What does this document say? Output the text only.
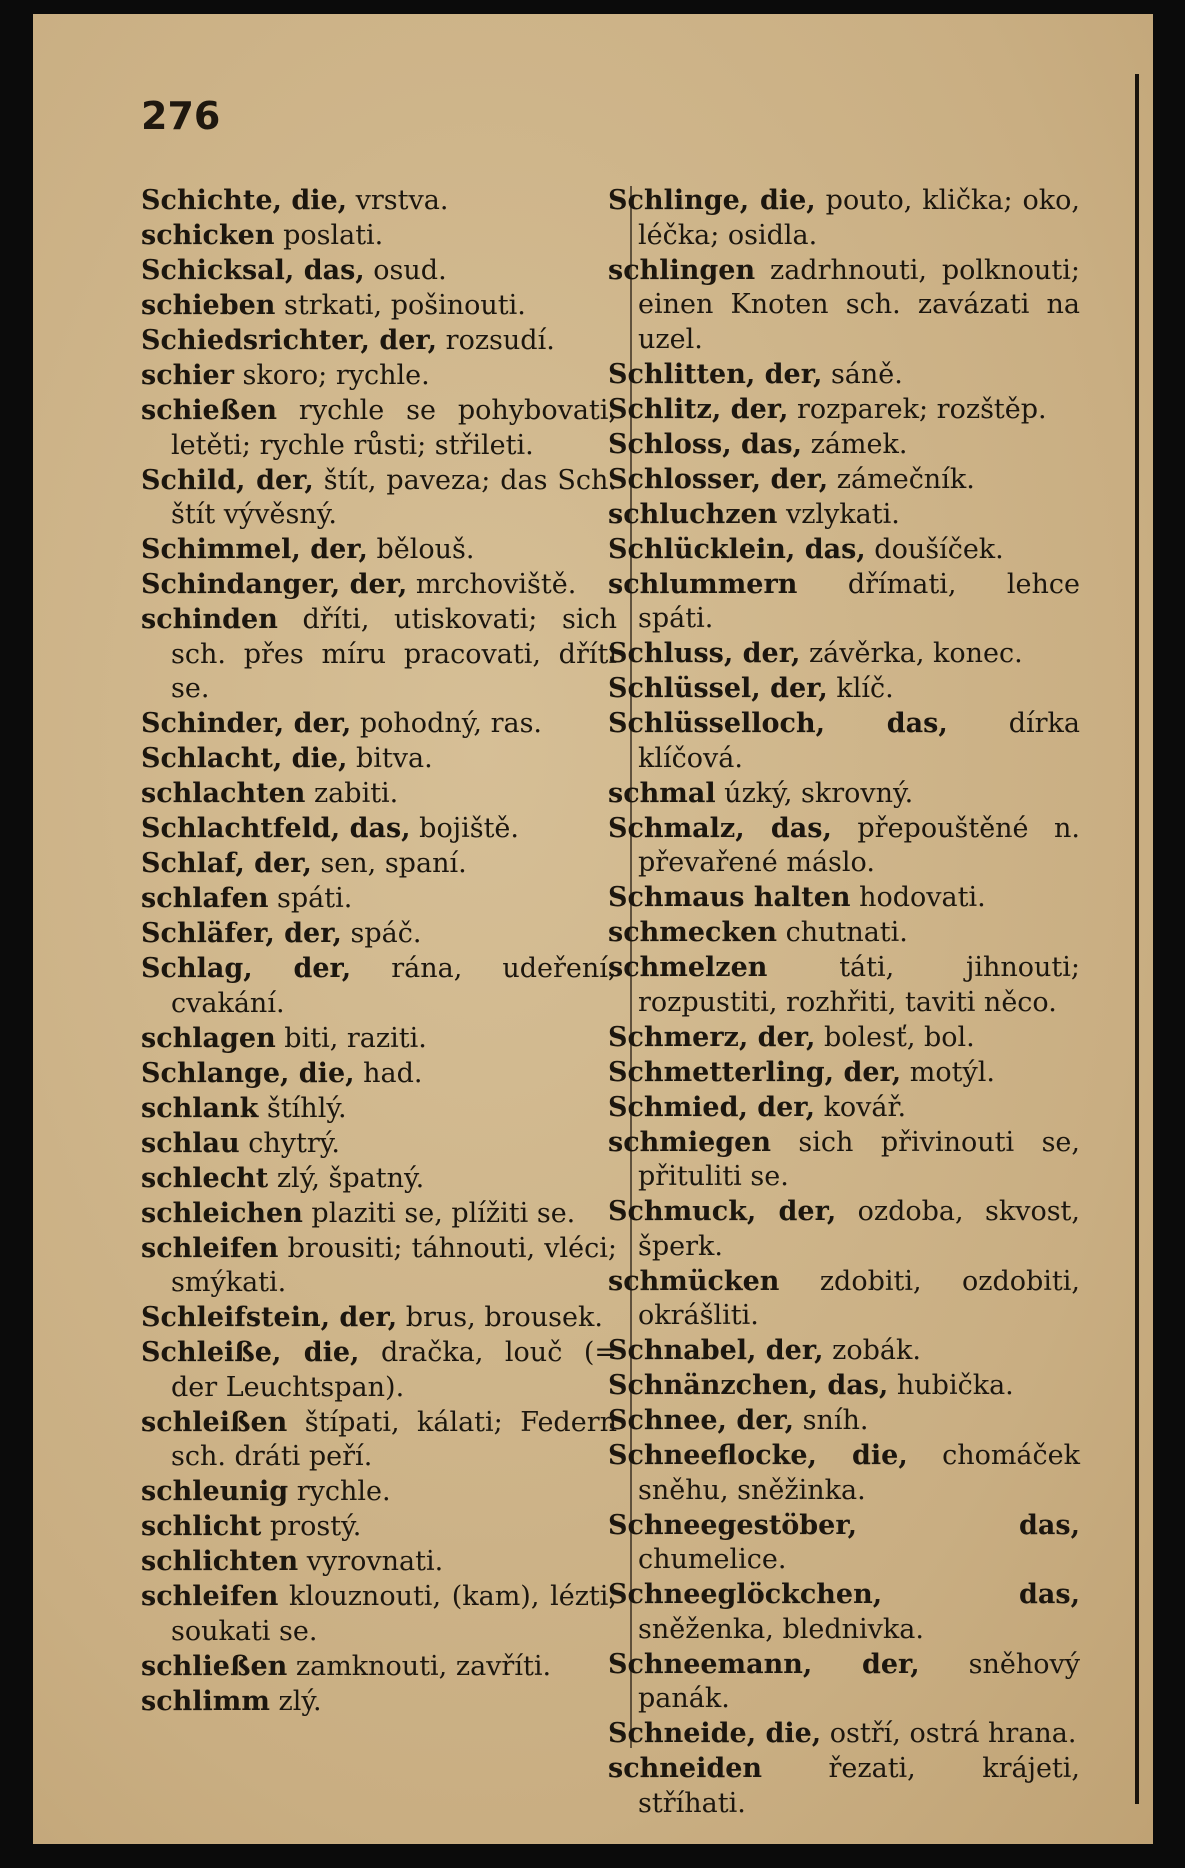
276
Schichte, die, vrstva.
schicken poslati.
Schicksal, das, osud.
schieben strkati, pošinouti.
Schiedsrichter, der, rozsudí.
schier skoro; rychle.
schießen rychle se pohybovati, letěti; rychle růsti; střileti.
Schild, der, štít, paveza; das Sch. štít vývěsný.
Schimmel, der, bělouš.
Schindanger, der, mrchoviště.
schinden dříti, utiskovati; sich sch. přes míru pracovati, dříti se.
Schinder, der, pohodný, ras.
Schlacht, die, bitva.
schlachten zabiti.
Schlachtfeld, das, bojiště.
Schlaf, der, sen, spaní.
schlafen spáti.
Schläfer, der, spáč.
Schlag, der, rána, udeření; cvakání.
schlagen biti, raziti.
Schlange, die, had.
schlank štíhlý.
schlau chytrý.
schlecht zlý, špatný.
schleichen plaziti se, plížiti se.
schleifen brousiti; táhnouti, vléci; smýkati.
Schleifstein, der, brus, brousek.
Schleiße, die, dračka, louč (= der Leuchtspan).
schleißen štípati, kálati; Federn sch. dráti peří.
schleunig rychle.
schlicht prostý.
schlichten vyrovnati.
schleifen klouznouti, (kam), lézti, soukati se.
schließen zamknouti, zavříti.
schlimm zlý.
Schlinge, die, pouto, klička; oko, léčka; osidla.
schlingen zadrhnouti, polknouti; einen Knoten sch. zavázati na uzel.
Schlitten, der, sáně.
Schlitz, der, rozparek; rozštěp.
Schloss, das, zámek.
Schlosser, der, zámečník.
schluchzen vzlykati.
Schlücklein, das, doušíček.
schlummern dřímati, lehce spáti.
Schluss, der, závěrka, konec.
Schlüssel, der, klíč.
Schlüsselloch, das, dírka klíčová.
schmal úzký, skrovný.
Schmalz, das, přepouštěné n. převařené máslo.
Schmaus halten hodovati.
schmecken chutnati.
schmelzen táti, jihnouti; rozpustiti, rozhřiti, taviti něco.
Schmerz, der, bolesť, bol.
Schmetterling, der, motýl.
Schmied, der, kovář.
schmiegen sich přivinouti se, přituliti se.
Schmuck, der, ozdoba, skvost, šperk.
schmücken zdobiti, ozdobiti, okrášliti.
Schnabel, der, zobák.
Schnänzchen, das, hubička.
Schnee, der, sníh.
Schneeflocke, die, chomáček sněhu, sněžinka.
Schneegestöber, das, chumelice.
Schneeglöckchen, das, sněženka, blednivka.
Schneemann, der, sněhový panák.
Schneide, die, ostří, ostrá hrana.
schneiden řezati, krájeti, stříhati.
